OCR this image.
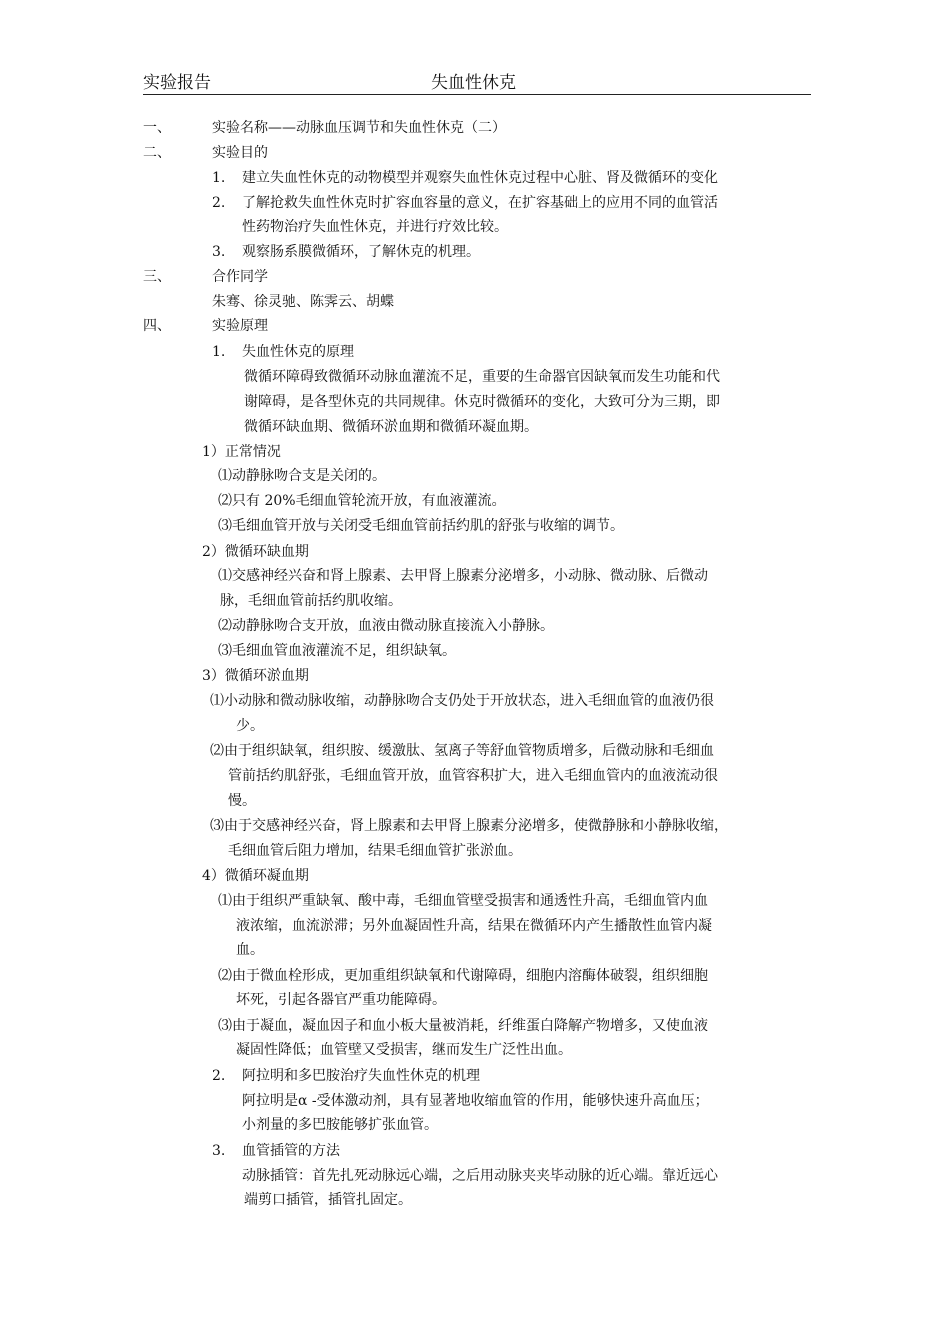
实验报告	失血性休克
一、	实验名称——动脉血压调节和失血性休克（二）
二、	实验目的
1. 建立失血性休克的动物模型并观察失血性休克过程中心脏、肾及微循环的变化
2. 了解抢救失血性休克时扩容血容量的意义，在扩容基础上的应用不同的血管活
性药物治疗失血性休克，并进行疗效比较。
3. 观察肠系膜微循环，了解休克的机理。
三、	合作同学
朱骞、徐灵驰、陈霁云、胡蝶
四、	实验原理
1. 失血性休克的原理
微循环障碍致微循环动脉血灌流不足，重要的生命器官因缺氧而发生功能和代
谢障碍，是各型休克的共同规律。休克时微循环的变化，大致可分为三期，即
微循环缺血期、微循环淤血期和微循环凝血期。
1）正常情况
⑴动静脉吻合支是关闭的。
⑵只有 20%毛细血管轮流开放，有血液灌流。
⑶毛细血管开放与关闭受毛细血管前括约肌的舒张与收缩的调节。
2）微循环缺血期
⑴交感神经兴奋和肾上腺素、去甲肾上腺素分泌增多，小动脉、微动脉、后微动
脉，毛细血管前括约肌收缩。
⑵动静脉吻合支开放，血液由微动脉直接流入小静脉。
⑶毛细血管血液灌流不足，组织缺氧。
3）微循环淤血期
⑴小动脉和微动脉收缩，动静脉吻合支仍处于开放状态，进入毛细血管的血液仍很
少。
⑵由于组织缺氧，组织胺、缓激肽、氢离子等舒血管物质增多，后微动脉和毛细血
管前括约肌舒张，毛细血管开放，血管容积扩大，进入毛细血管内的血液流动很
慢。
⑶由于交感神经兴奋，肾上腺素和去甲肾上腺素分泌增多，使微静脉和小静脉收缩，
毛细血管后阻力增加，结果毛细血管扩张淤血。
4）微循环凝血期
⑴由于组织严重缺氧、酸中毒，毛细血管壁受损害和通透性升高，毛细血管内血
液浓缩，血流淤滞；另外血凝固性升高，结果在微循环内产生播散性血管内凝
血。
⑵由于微血栓形成，更加重组织缺氧和代谢障碍，细胞内溶酶体破裂，组织细胞
坏死，引起各器官严重功能障碍。
⑶由于凝血，凝血因子和血小板大量被消耗，纤维蛋白降解产物增多，又使血液
凝固性降低；血管壁又受损害，继而发生广泛性出血。
2. 阿拉明和多巴胺治疗失血性休克的机理
阿拉明是α -受体激动剂，具有显著地收缩血管的作用，能够快速升高血压；
小剂量的多巴胺能够扩张血管。
3. 血管插管的方法
动脉插管：首先扎死动脉远心端，之后用动脉夹夹毕动脉的近心端。靠近远心
端剪口插管，插管扎固定。
